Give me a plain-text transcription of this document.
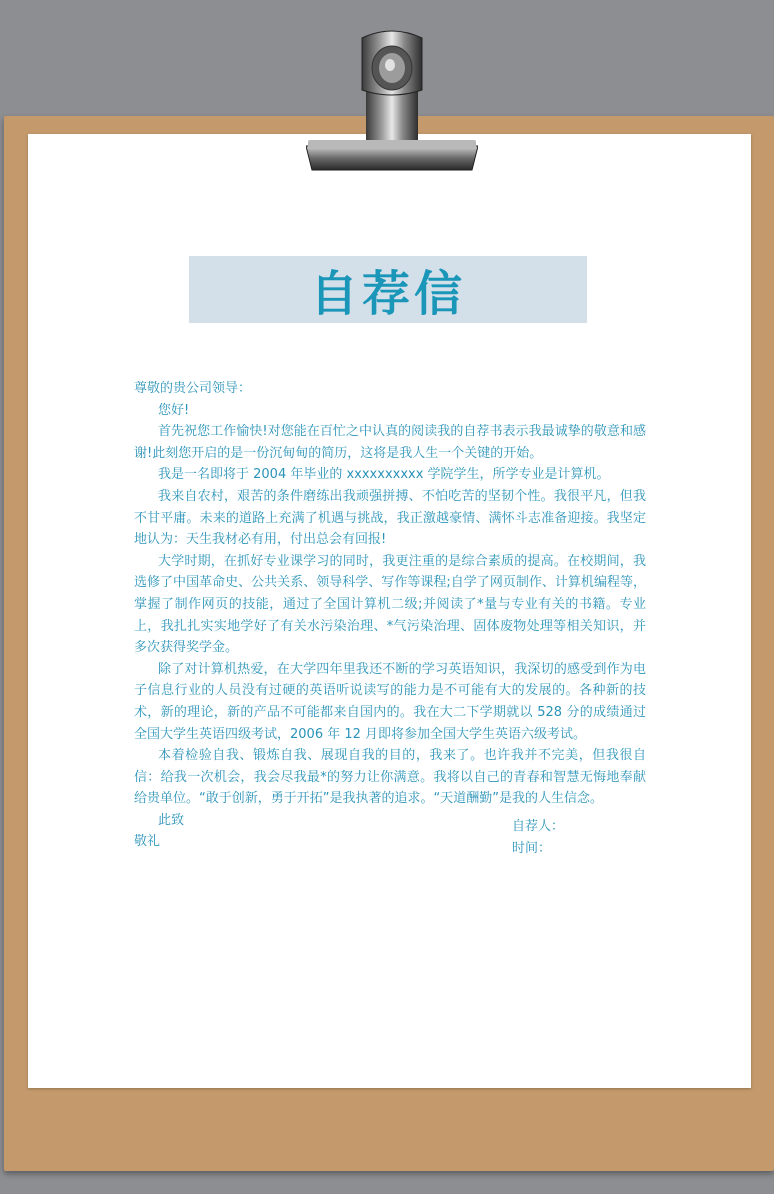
自荐信

尊敬的贵公司领导：

您好!

首先祝您工作愉快!对您能在百忙之中认真的阅读我的自荐书表示我最诚挚的敬意和感谢!此刻您开启的是一份沉甸甸的简历，这将是我人生一个关键的开始。

我是一名即将于 2004 年毕业的 xxxxxxxxxx 学院学生，所学专业是计算机。

我来自农村，艰苦的条件磨练出我顽强拼搏、不怕吃苦的坚韧个性。我很平凡，但我不甘平庸。未来的道路上充满了机遇与挑战，我正激越豪情、满怀斗志准备迎接。我坚定地认为：天生我材必有用，付出总会有回报!

大学时期，在抓好专业课学习的同时，我更注重的是综合素质的提高。在校期间，我选修了中国革命史、公共关系、领导科学、写作等课程;自学了网页制作、计算机编程等，掌握了制作网页的技能，通过了全国计算机二级;并阅读了*量与专业有关的书籍。专业上，我扎扎实实地学好了有关水污染治理、*气污染治理、固体废物处理等相关知识，并多次获得奖学金。

除了对计算机热爱，在大学四年里我还不断的学习英语知识，我深切的感受到作为电子信息行业的人员没有过硬的英语听说读写的能力是不可能有大的发展的。各种新的技术，新的理论，新的产品不可能都来自国内的。我在大二下学期就以 528 分的成绩通过全国大学生英语四级考试，2006 年 12 月即将参加全国大学生英语六级考试。

本着检验自我、锻炼自我、展现自我的目的，我来了。也许我并不完美，但我很自信：给我一次机会，我会尽我最*的努力让你满意。我将以自己的青春和智慧无悔地奉献给贵单位。“敢于创新，勇于开拓”是我执著的追求。“天道酬勤”是我的人生信念。

此致

敬礼

自荐人：
时间：
